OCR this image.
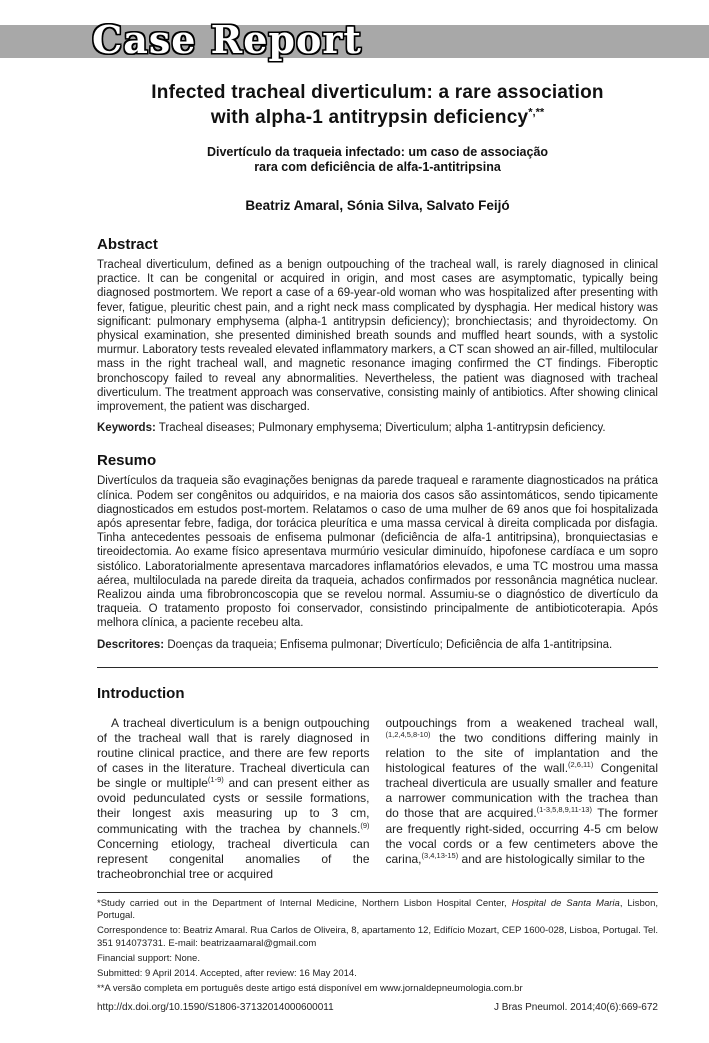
Case Report
Infected tracheal diverticulum: a rare association
with alpha-1 antitrypsin deficiency*,**

Divertículo da traqueia infectado: um caso de associação
rara com deficiência de alfa-1-antitripsina

Beatriz Amaral, Sónia Silva, Salvato Feijó

Abstract

Tracheal diverticulum, defined as a benign outpouching of the tracheal wall, is rarely diagnosed in clinical practice. It can be congenital or acquired in origin, and most cases are asymptomatic, typically being diagnosed postmortem. We report a case of a 69-year-old woman who was hospitalized after presenting with fever, fatigue, pleuritic chest pain, and a right neck mass complicated by dysphagia. Her medical history was significant: pulmonary emphysema (alpha-1 antitrypsin deficiency); bronchiectasis; and thyroidectomy. On physical examination, she presented diminished breath sounds and muffled heart sounds, with a systolic murmur. Laboratory tests revealed elevated inflammatory markers, a CT scan showed an air-filled, multilocular mass in the right tracheal wall, and magnetic resonance imaging confirmed the CT findings. Fiberoptic bronchoscopy failed to reveal any abnormalities. Nevertheless, the patient was diagnosed with tracheal diverticulum. The treatment approach was conservative, consisting mainly of antibiotics. After showing clinical improvement, the patient was discharged.

Keywords: Tracheal diseases; Pulmonary emphysema; Diverticulum; alpha 1-antitrypsin deficiency.

Resumo

Divertículos da traqueia são evaginações benignas da parede traqueal e raramente diagnosticados na prática clínica. Podem ser congênitos ou adquiridos, e na maioria dos casos são assintomáticos, sendo tipicamente diagnosticados em estudos post-mortem. Relatamos o caso de uma mulher de 69 anos que foi hospitalizada após apresentar febre, fadiga, dor torácica pleurítica e uma massa cervical à direita complicada por disfagia. Tinha antecedentes pessoais de enfisema pulmonar (deficiência de alfa-1 antitripsina), bronquiectasias e tireoidectomia. Ao exame físico apresentava murmúrio vesicular diminuído, hipofonese cardíaca e um sopro sistólico. Laboratorialmente apresentava marcadores inflamatórios elevados, e uma TC mostrou uma massa aérea, multiloculada na parede direita da traqueia, achados confirmados por ressonância magnética nuclear. Realizou ainda uma fibrobroncoscopia que se revelou normal. Assumiu-se o diagnóstico de divertículo da traqueia. O tratamento proposto foi conservador, consistindo principalmente de antibioticoterapia. Após melhora clínica, a paciente recebeu alta.

Descritores: Doenças da traqueia; Enfisema pulmonar; Divertículo; Deficiência de alfa 1-antitripsina.

Introduction

A tracheal diverticulum is a benign outpouching of the tracheal wall that is rarely diagnosed in routine clinical practice, and there are few reports of cases in the literature. Tracheal diverticula can be single or multiple$^{(1-9)}$ and can present either as ovoid pedunculated cysts or sessile formations, their longest axis measuring up to 3 cm, communicating with the trachea by channels.$^{(9)}$ Concerning etiology, tracheal diverticula can represent congenital anomalies of the tracheobronchial tree or acquired

outpouchings from a weakened tracheal wall,$^{(1,2,4,5,8-10)}$ the two conditions differing mainly in relation to the site of implantation and the histological features of the wall.$^{(2,6,11)}$ Congenital tracheal diverticula are usually smaller and feature a narrower communication with the trachea than do those that are acquired.$^{(1-3,5,8,9,11-13)}$ The former are frequently right-sided, occurring 4-5 cm below the vocal cords or a few centimeters above the carina,$^{(3,4,13-15)}$ and are histologically similar to the

*Study carried out in the Department of Internal Medicine, Northern Lisbon Hospital Center, Hospital de Santa Maria, Lisbon, Portugal.

Correspondence to: Beatriz Amaral. Rua Carlos de Oliveira, 8, apartamento 12, Edifício Mozart, CEP 1600-028, Lisboa, Portugal. Tel. 351 914073731. E-mail: beatrizaamaral@gmail.com

Financial support: None.

Submitted: 9 April 2014. Accepted, after review: 16 May 2014.

**A versão completa em português deste artigo está disponível em www.jornaldepneumologia.com.br

http://dx.doi.org/10.1590/S1806-37132014000600011	J Bras Pneumol. 2014;40(6):669-672
